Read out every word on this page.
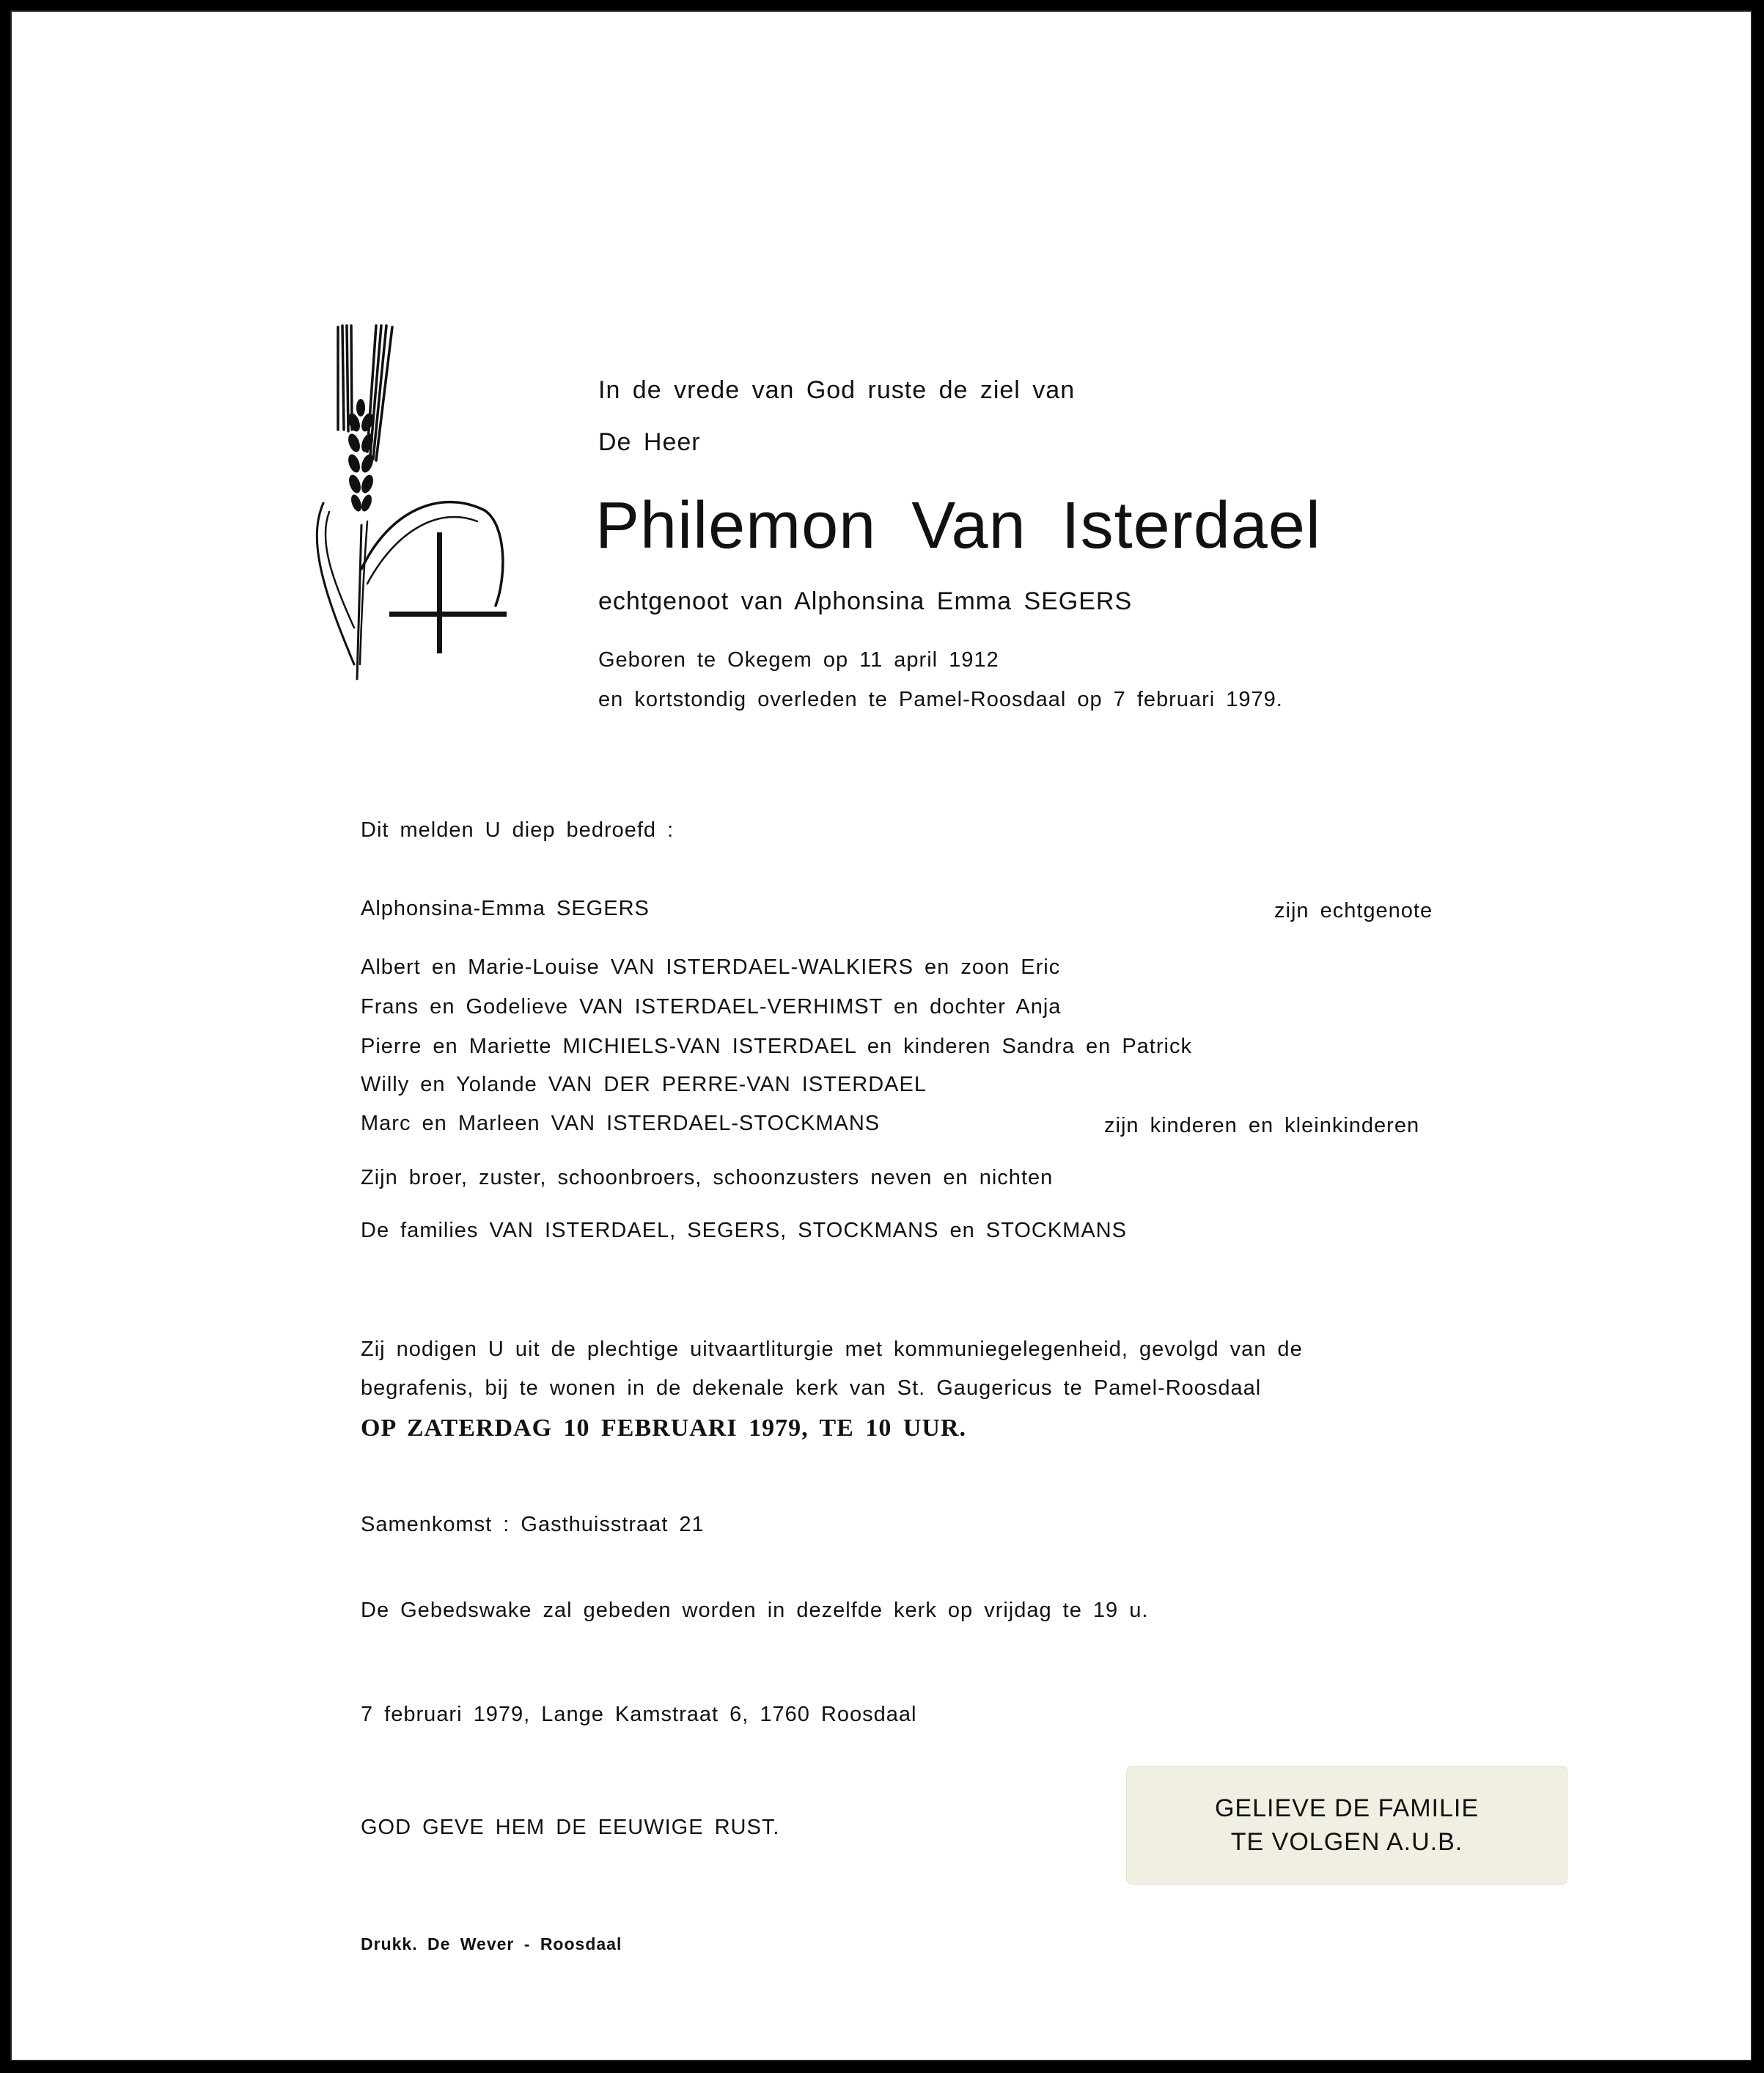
In de vrede van God ruste de ziel van
De Heer
Philemon Van Isterdael
echtgenoot van Alphonsina Emma SEGERS
Geboren te Okegem op 11 april 1912
en kortstondig overleden te Pamel-Roosdaal op 7 februari 1979.
Dit melden U diep bedroefd :
Alphonsina-Emma SEGERS	zijn echtgenote
Albert en Marie-Louise VAN ISTERDAEL-WALKIERS en zoon Eric
Frans en Godelieve VAN ISTERDAEL-VERHIMST en dochter Anja
Pierre en Mariette MICHIELS-VAN ISTERDAEL en kinderen Sandra en Patrick
Willy en Yolande VAN DER PERRE-VAN ISTERDAEL
Marc en Marleen VAN ISTERDAEL-STOCKMANS	zijn kinderen en kleinkinderen
Zijn broer, zuster, schoonbroers, schoonzusters neven en nichten
De families VAN ISTERDAEL, SEGERS, STOCKMANS en STOCKMANS
Zij nodigen U uit de plechtige uitvaartliturgie met kommuniegelegenheid, gevolgd van de
begrafenis, bij te wonen in de dekenale kerk van St. Gaugericus te Pamel-Roosdaal
OP ZATERDAG 10 FEBRUARI 1979, TE 10 UUR.
Samenkomst : Gasthuisstraat 21
De Gebedswake zal gebeden worden in dezelfde kerk op vrijdag te 19 u.
7 februari 1979, Lange Kamstraat 6, 1760 Roosdaal
GOD GEVE HEM DE EEUWIGE RUST.
GELIEVE DE FAMILIE
TE VOLGEN A.U.B.
Drukk. De Wever - Roosdaal
